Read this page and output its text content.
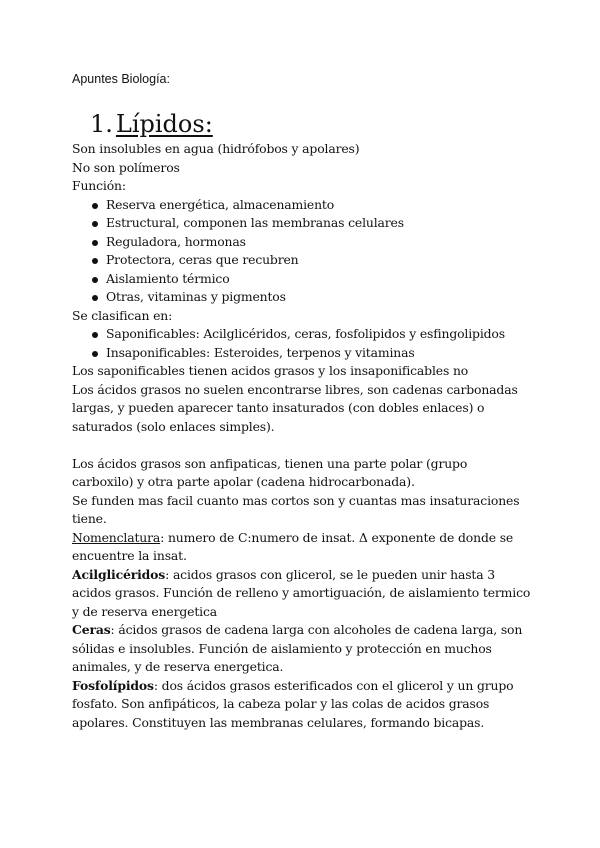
Apuntes Biología:
1. Lípidos:

Son insolubles en agua (hidrófobos y apolares)

No son polímeros

Función:

Reserva energética, almacenamiento
Estructural, componen las membranas celulares
Reguladora, hormonas
Protectora, ceras que recubren
Aislamiento térmico
Otras, vitaminas y pigmentos

Se clasifican en:

Saponificables: Acilglicéridos, ceras, fosfolipidos y esfingolipidos
Insaponificables: Esteroides, terpenos y vitaminas

Los saponificables tienen acidos grasos y los insaponificables no

Los ácidos grasos no suelen encontrarse libres, son cadenas carbonadas largas, y pueden aparecer tanto insaturados (con dobles enlaces) o saturados (solo enlaces simples).

Los ácidos grasos son anfipaticas, tienen una parte polar (grupo carboxilo) y otra parte apolar (cadena hidrocarbonada).

Se funden mas facil cuanto mas cortos son y cuantas mas insaturaciones tiene.

Nomenclatura: numero de C:numero de insat. Δ exponente de donde se encuentre la insat.

Acilglicéridos: acidos grasos con glicerol, se le pueden unir hasta 3 acidos grasos. Función de relleno y amortiguación, de aislamiento termico y de reserva energetica

Ceras: ácidos grasos de cadena larga con alcoholes de cadena larga, son sólidas e insolubles. Función de aislamiento y protección en muchos animales, y de reserva energetica.

Fosfolípidos: dos ácidos grasos esterificados con el glicerol y un grupo fosfato. Son anfipáticos, la cabeza polar y las colas de acidos grasos apolares. Constituyen las membranas celulares, formando bicapas.
